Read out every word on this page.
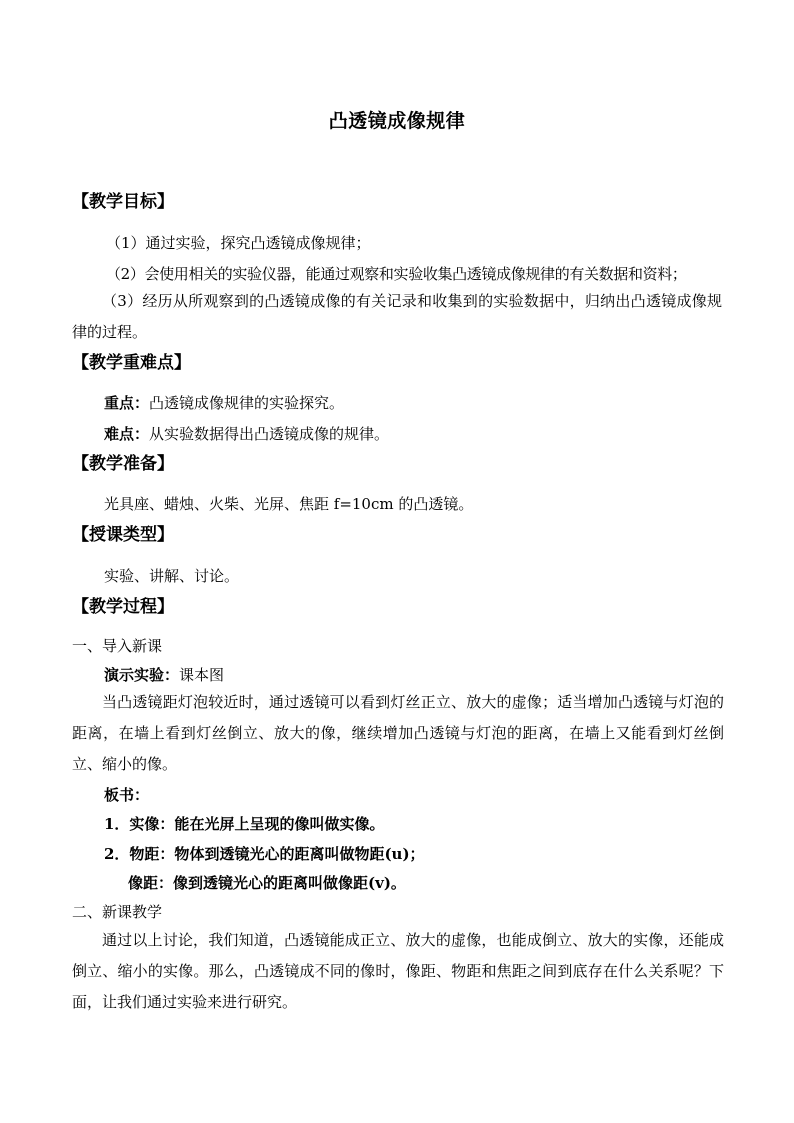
凸透镜成像规律
【教学目标】
（1）通过实验，探究凸透镜成像规律；
（2）会使用相关的实验仪器，能通过观察和实验收集凸透镜成像规律的有关数据和资料；
（3）经历从所观察到的凸透镜成像的有关记录和收集到的实验数据中，归纳出凸透镜成像规律的过程。
【教学重难点】
重点：凸透镜成像规律的实验探究。
难点：从实验数据得出凸透镜成像的规律。
【教学准备】
光具座、蜡烛、火柴、光屏、焦距 f=10cm 的凸透镜。
【授课类型】
实验、讲解、讨论。
【教学过程】
一、导入新课
演示实验：课本图
当凸透镜距灯泡较近时，通过透镜可以看到灯丝正立、放大的虚像；适当增加凸透镜与灯泡的距离，在墙上看到灯丝倒立、放大的像，继续增加凸透镜与灯泡的距离，在墙上又能看到灯丝倒立、缩小的像。
板书：
1．实像：能在光屏上呈现的像叫做实像。
2．物距：物体到透镜光心的距离叫做物距(u)；
像距：像到透镜光心的距离叫做像距(v)。
二、新课教学
通过以上讨论，我们知道，凸透镜能成正立、放大的虚像，也能成倒立、放大的实像，还能成倒立、缩小的实像。那么，凸透镜成不同的像时，像距、物距和焦距之间到底存在什么关系呢？下面，让我们通过实验来进行研究。
